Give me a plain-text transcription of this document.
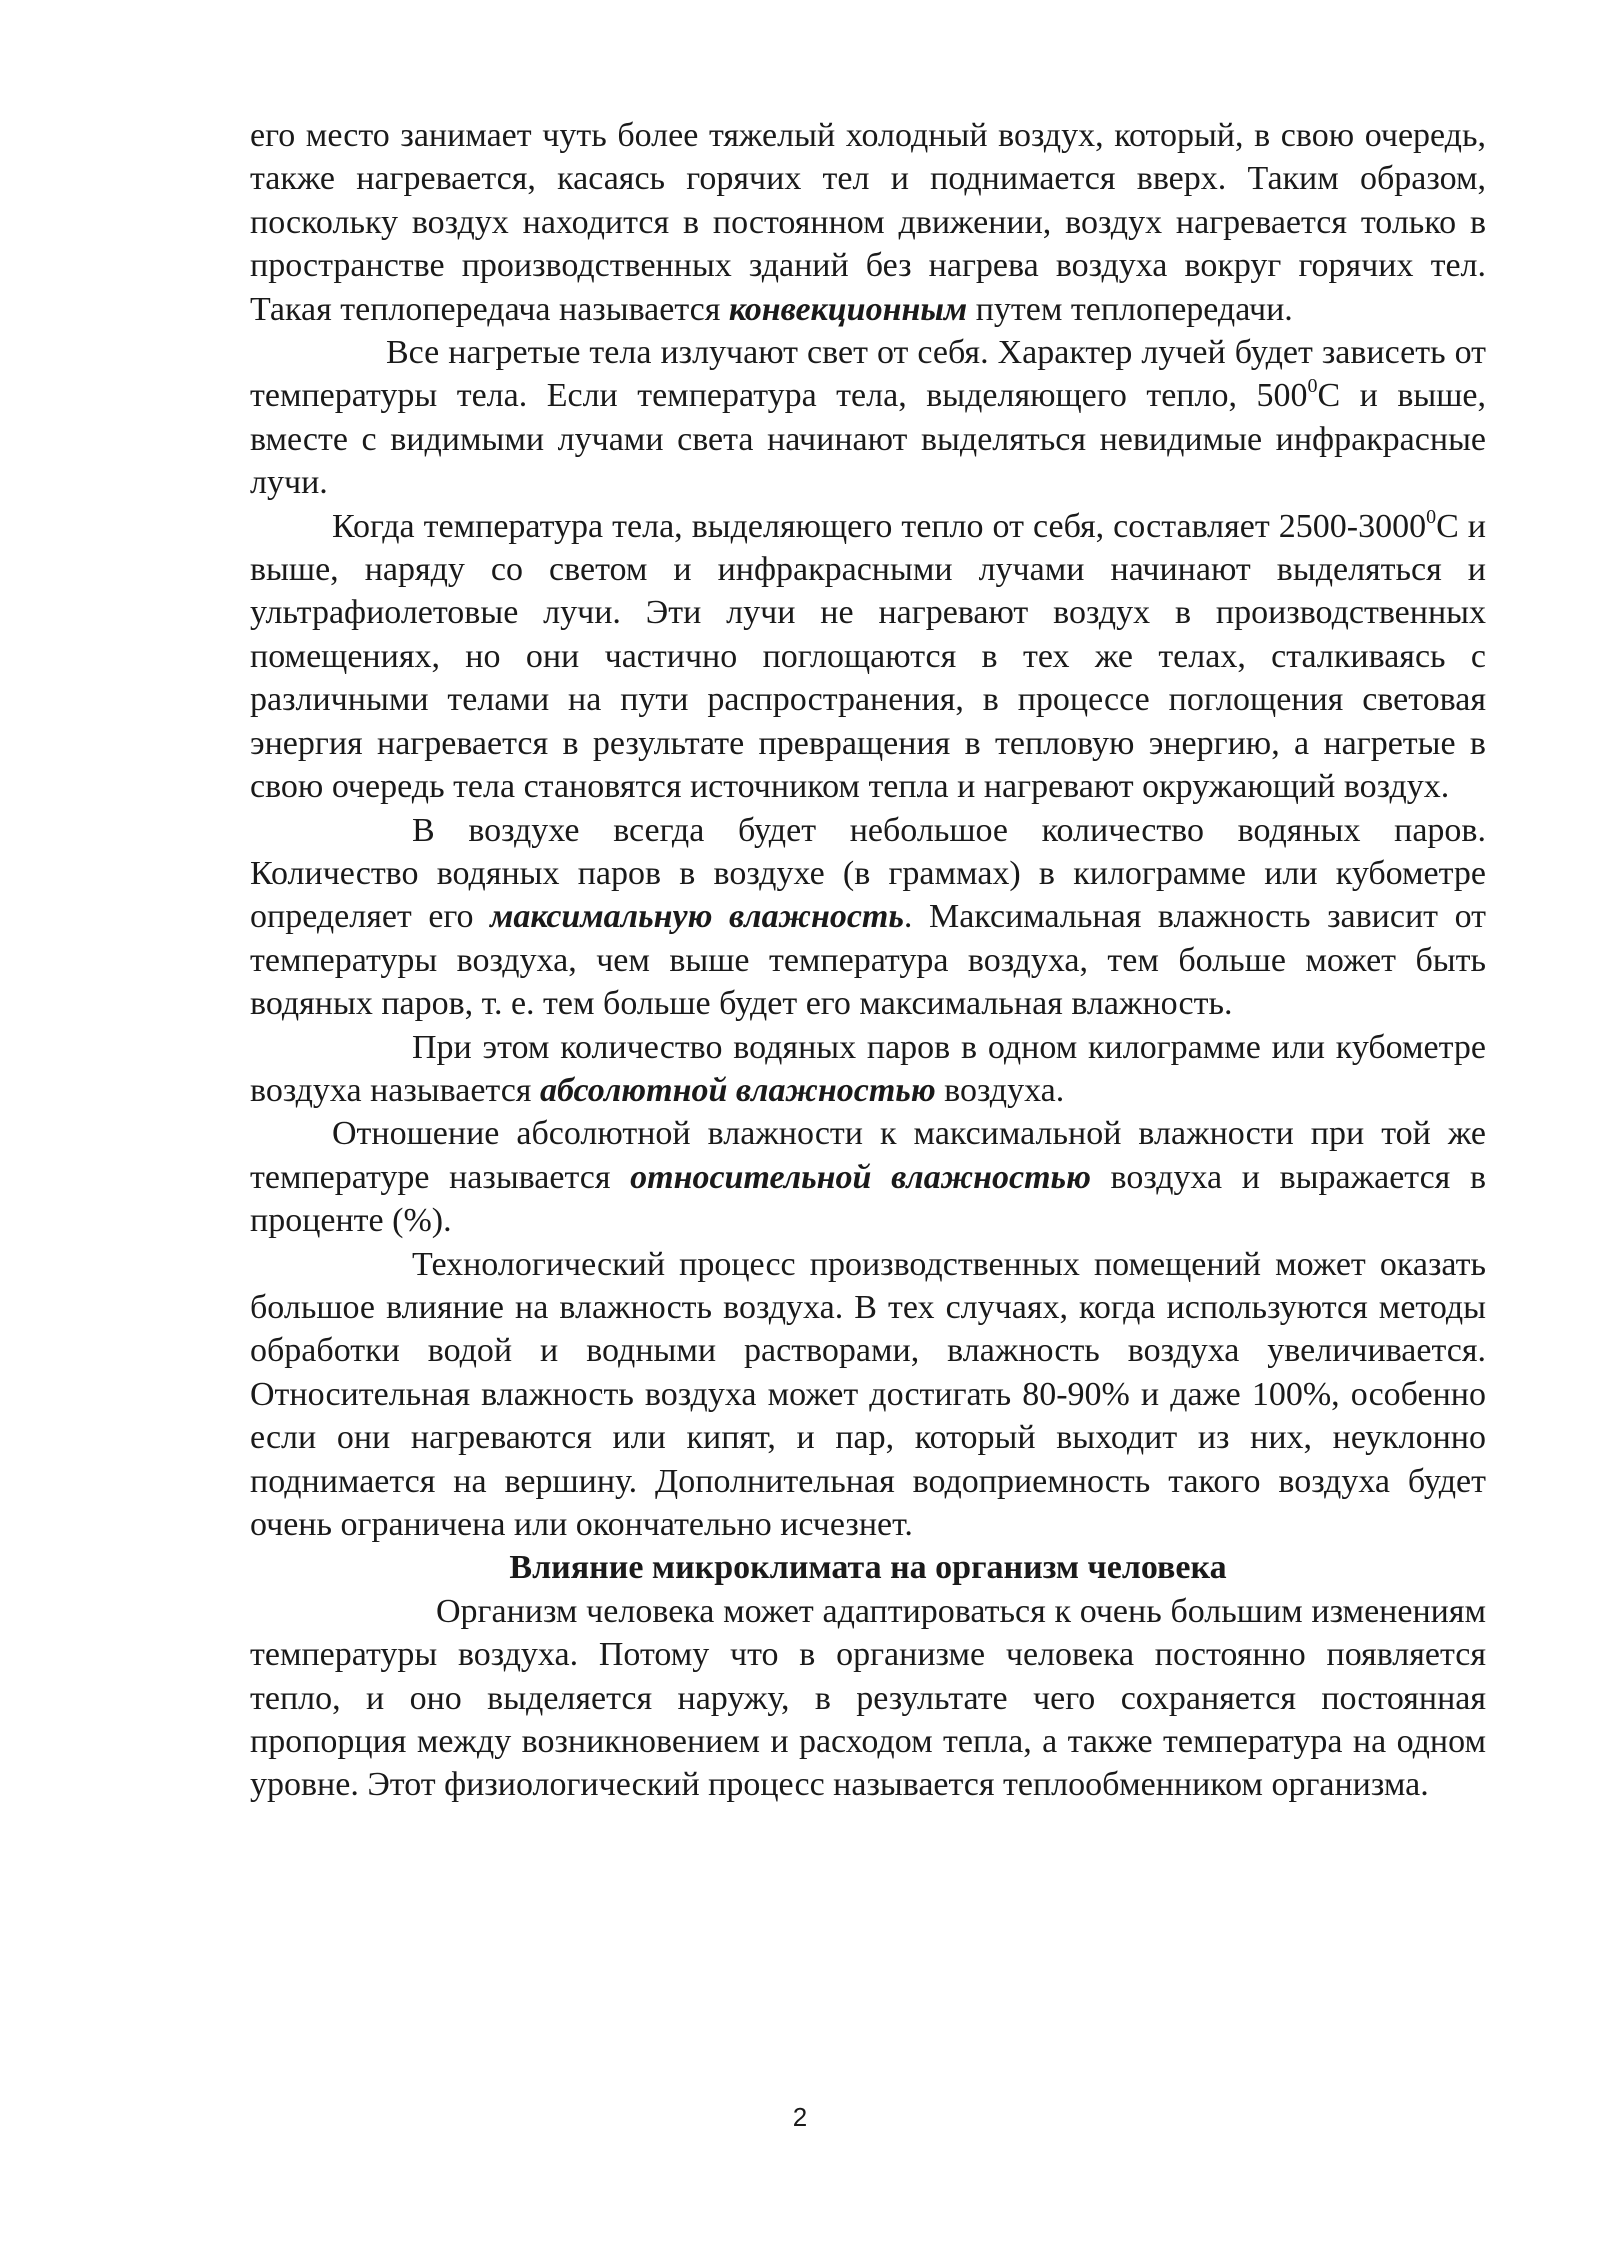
его место занимает чуть более тяжелый холодный воздух, который, в свою очередь, также нагревается, касаясь горячих тел и поднимается вверх. Таким образом, поскольку воздух находится в постоянном движении, воздух нагревается только в пространстве производственных зданий без нагрева воздуха вокруг горячих тел. Такая теплопередача называется конвекционным путем теплопередачи.

Все нагретые тела излучают свет от себя. Характер лучей будет зависеть от температуры тела. Если температура тела, выделяющего тепло, $500^0С$ и выше, вместе с видимыми лучами света начинают выделяться невидимые инфракрасные лучи.

Когда температура тела, выделяющего тепло от себя, составляет 2500-3000$^0$С и выше, наряду со светом и инфракрасными лучами начинают выделяться и ультрафиолетовые лучи. Эти лучи не нагревают воздух в производственных помещениях, но они частично поглощаются в тех же телах, сталкиваясь с различными телами на пути распространения, в процессе поглощения световая энергия нагревается в результате превращения в тепловую энергию, а нагретые в свою очередь тела становятся источником тепла и нагревают окружающий воздух.

В воздухе всегда будет небольшое количество водяных паров. Количество водяных паров в воздухе (в граммах) в килограмме или кубометре определяет его максимальную влажность. Максимальная влажность зависит от температуры воздуха, чем выше температура воздуха, тем больше может быть водяных паров, т. е. тем больше будет его максимальная влажность.

При этом количество водяных паров в одном килограмме или кубометре воздуха называется абсолютной влажностью воздуха.

Отношение абсолютной влажности к максимальной влажности при той же температуре называется относительной влажностью воздуха и выражается в проценте (%).

Технологический процесс производственных помещений может оказать большое влияние на влажность воздуха. В тех случаях, когда используются методы обработки водой и водными растворами, влажность воздуха увеличивается. Относительная влажность воздуха может достигать 80-90% и даже 100%, особенно если они нагреваются или кипят, и пар, который выходит из них, неуклонно поднимается на вершину. Дополнительная водоприемность такого воздуха будет очень ограничена или окончательно исчезнет.

Влияние микроклимата на организм человека

Организм человека может адаптироваться к очень большим изменениям температуры воздуха. Потому что в организме человека постоянно появляется тепло, и оно выделяется наружу, в результате чего сохраняется постоянная пропорция между возникновением и расходом тепла, а также температура на одном уровне. Этот физиологический процесс называется теплообменником организма.

2
